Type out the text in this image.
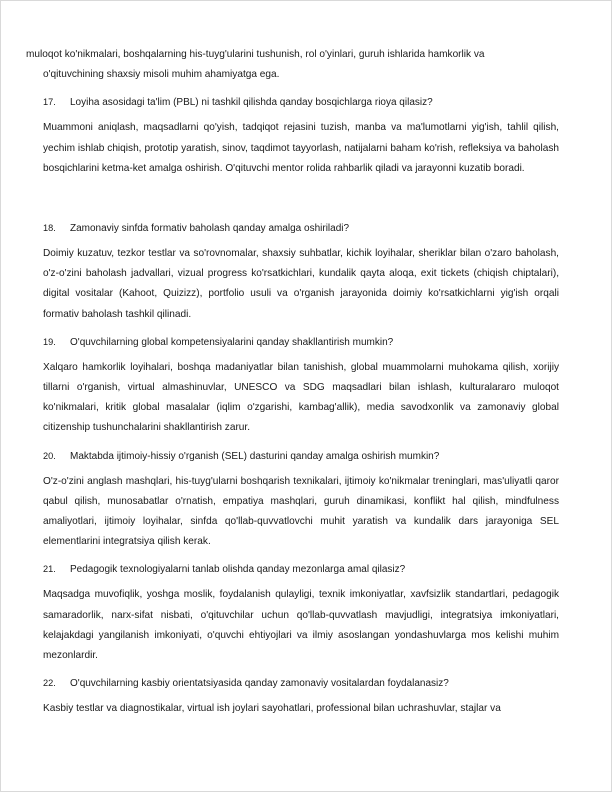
muloqot ko'nikmalari, boshqalarning his-tuyg'ularini tushunish, rol o'yinlari, guruh ishlarida hamkorlik va
o'qituvchining shaxsiy misoli muhim ahamiyatga ega.

17.	Loyiha asosidagi ta'lim (PBL) ni tashkil qilishda qanday bosqichlarga rioya qilasiz?

Muammoni aniqlash, maqsadlarni qo'yish, tadqiqot rejasini tuzish, manba va ma'lumotlarni yig'ish, tahlil qilish, yechim ishlab chiqish, prototip yaratish, sinov, taqdimot tayyorlash, natijalarni baham ko'rish, refleksiya va baholash bosqichlarini ketma-ket amalga oshirish. O'qituvchi mentor rolida rahbarlik qiladi va jarayonni kuzatib boradi.

18.	Zamonaviy sinfda formativ baholash qanday amalga oshiriladi?

Doimiy kuzatuv, tezkor testlar va so'rovnomalar, shaxsiy suhbatlar, kichik loyihalar, sheriklar bilan o'zaro baholash, o'z-o'zini baholash jadvallari, vizual progress ko'rsatkichlari, kundalik qayta aloqa, exit tickets (chiqish chiptalari), digital vositalar (Kahoot, Quizizz), portfolio usuli va o'rganish jarayonida doimiy ko'rsatkichlarni yig'ish orqali formativ baholash tashkil qilinadi.

19.	O'quvchilarning global kompetensiyalarini qanday shakllantirish mumkin?

Xalqaro hamkorlik loyihalari, boshqa madaniyatlar bilan tanishish, global muammolarni muhokama qilish, xorijiy tillarni o'rganish, virtual almashinuvlar, UNESCO va SDG maqsadlari bilan ishlash, kulturalararo muloqot ko'nikmalari, kritik global masalalar (iqlim o'zgarishi, kambag'allik), media savodxonlik va zamonaviy global citizenship tushunchalarini shakllantirish zarur.

20.	Maktabda ijtimoiy-hissiy o'rganish (SEL) dasturini qanday amalga oshirish mumkin?

O'z-o'zini anglash mashqlari, his-tuyg'ularni boshqarish texnikalari, ijtimoiy ko'nikmalar treninglari, mas'uliyatli qaror qabul qilish, munosabatlar o'rnatish, empatiya mashqlari, guruh dinamikasi, konflikt hal qilish, mindfulness amaliyotlari, ijtimoiy loyihalar, sinfda qo'llab-quvvatlovchi muhit yaratish va kundalik dars jarayoniga SEL elementlarini integratsiya qilish kerak.

21.	Pedagogik texnologiyalarni tanlab olishda qanday mezonlarga amal qilasiz?

Maqsadga muvofiqlik, yoshga moslik, foydalanish qulayligi, texnik imkoniyatlar, xavfsizlik standartlari, pedagogik samaradorlik, narx-sifat nisbati, o'qituvchilar uchun qo'llab-quvvatlash mavjudligi, integratsiya imkoniyatlari, kelajakdagi yangilanish imkoniyati, o'quvchi ehtiyojlari va ilmiy asoslangan yondashuvlarga mos kelishi muhim mezonlardir.

22.	O'quvchilarning kasbiy orientatsiyasida qanday zamonaviy vositalardan foydalanasiz?

Kasbiy testlar va diagnostikalar, virtual ish joylari sayohatlari, professional bilan uchrashuvlar, stajlar va
